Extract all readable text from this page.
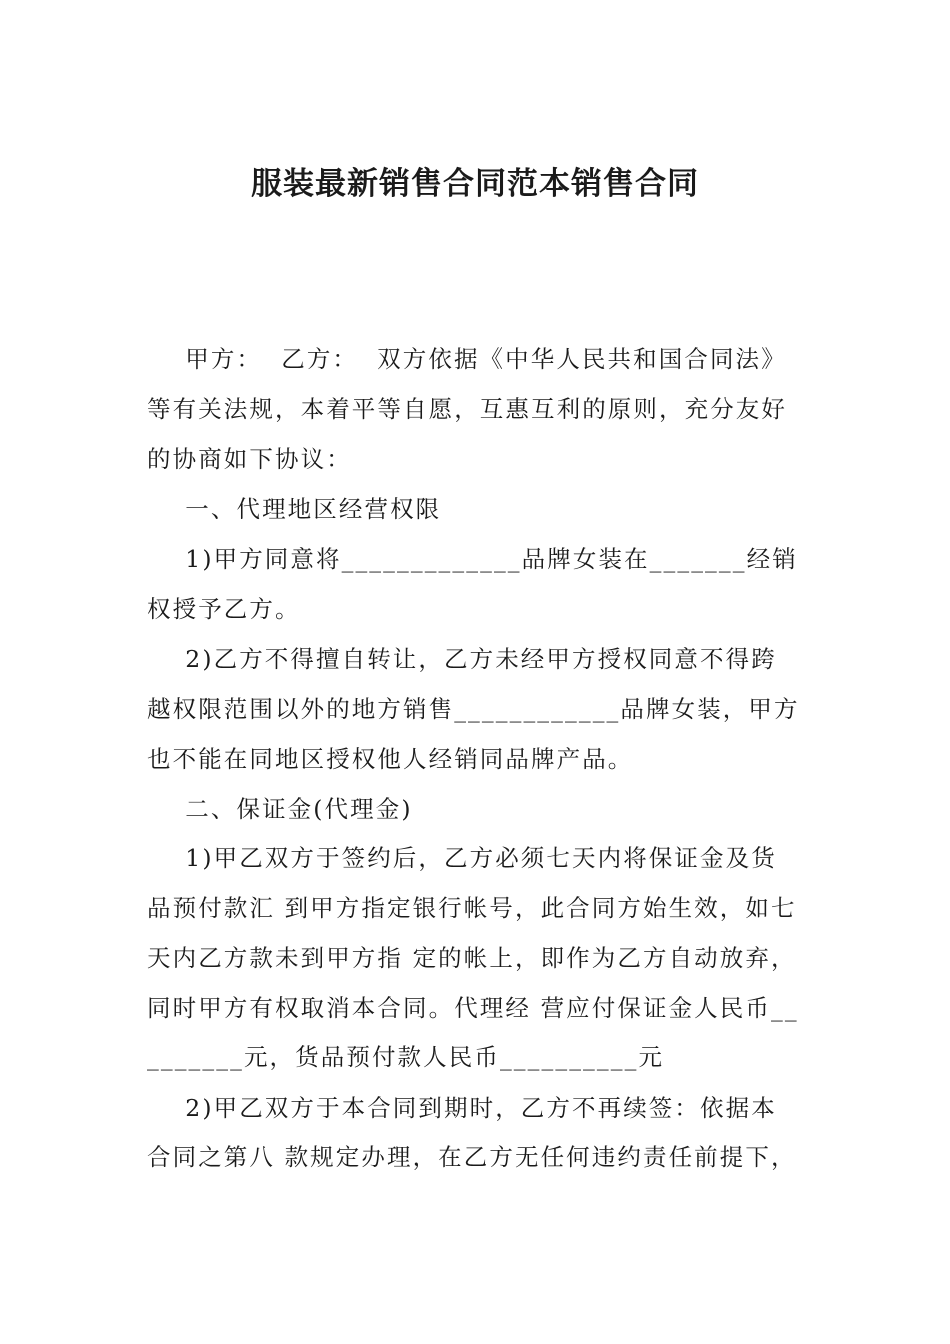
服装最新销售合同范本销售合同
甲方：  乙方：  双方依据《中华人民共和国合同法》
等有关法规，本着平等自愿，互惠互利的原则，充分友好
的协商如下协议：
一、代理地区经营权限
1)甲方同意将_____________品牌女装在_______经销
权授予乙方。
2)乙方不得擅自转让，乙方未经甲方授权同意不得跨
越权限范围以外的地方销售____________品牌女装，甲方
也不能在同地区授权他人经销同品牌产品。
二、保证金(代理金)
1)甲乙双方于签约后，乙方必须七天内将保证金及货
品预付款汇 到甲方指定银行帐号，此合同方始生效，如七
天内乙方款未到甲方指 定的帐上，即作为乙方自动放弃，
同时甲方有权取消本合同。代理经 营应付保证金人民币__
_______元，货品预付款人民币__________元
2)甲乙双方于本合同到期时，乙方不再续签：依据本
合同之第八 款规定办理，在乙方无任何违约责任前提下，
